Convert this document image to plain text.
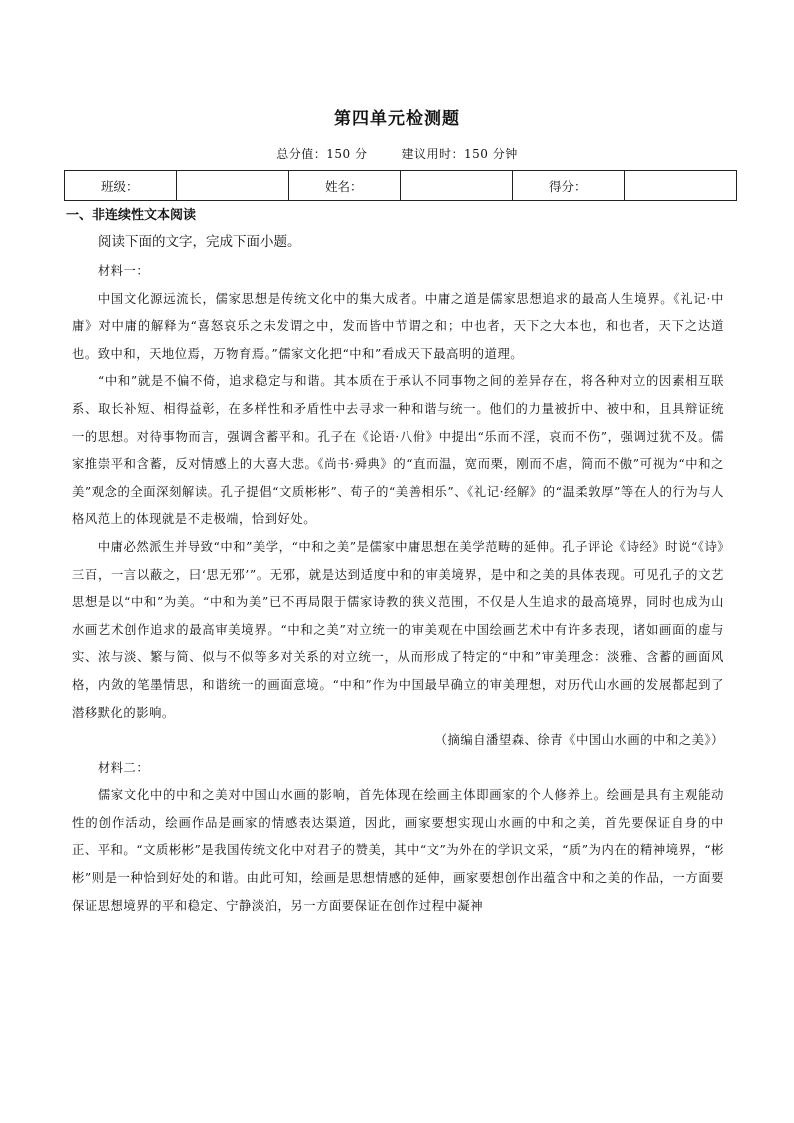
第四单元检测题
总分值：150 分	建议用时：150 分钟
班级：		姓名：		得分：	
一、非连续性文本阅读
阅读下面的文字，完成下面小题。

材料一：

中国文化源远流长，儒家思想是传统文化中的集大成者。中庸之道是儒家思想追求的最高人生境界。《礼记·中庸》对中庸的解释为“喜怒哀乐之未发谓之中，发而皆中节谓之和；中也者，天下之大本也，和也者，天下之达道也。致中和，天地位焉，万物育焉。”儒家文化把“中和”看成天下最高明的道理。

“中和”就是不偏不倚，追求稳定与和谐。其本质在于承认不同事物之间的差异存在，将各种对立的因素相互联系、取长补短、相得益彰，在多样性和矛盾性中去寻求一种和谐与统一。他们的力量被折中、被中和，且具辩证统一的思想。对待事物而言，强调含蓄平和。孔子在《论语·八佾》中提出“乐而不淫，哀而不伤”，强调过犹不及。儒家推崇平和含蓄，反对情感上的大喜大悲。《尚书·舜典》的“直而温，宽而栗，刚而不虐，简而不傲”可视为“中和之美”观念的全面深刻解读。孔子提倡“文质彬彬”、荀子的“美善相乐”、《礼记·经解》的“温柔敦厚”等在人的行为与人格风范上的体现就是不走极端，恰到好处。

中庸必然派生并导致“中和”美学，“中和之美”是儒家中庸思想在美学范畴的延伸。孔子评论《诗经》时说“《诗》三百，一言以蔽之，曰‘思无邪’”。无邪，就是达到适度中和的审美境界，是中和之美的具体表现。可见孔子的文艺思想是以“中和”为美。“中和为美”已不再局限于儒家诗教的狭义范围，不仅是人生追求的最高境界，同时也成为山水画艺术创作追求的最高审美境界。“中和之美”对立统一的审美观在中国绘画艺术中有许多表现，诸如画面的虚与实、浓与淡、繁与简、似与不似等多对关系的对立统一，从而形成了特定的“中和”审美理念：淡雅、含蓄的画面风格，内敛的笔墨情思，和谐统一的画面意境。“中和”作为中国最早确立的审美理想，对历代山水画的发展都起到了潜移默化的影响。

（摘编自潘望森、徐青《中国山水画的中和之美》）

材料二：

儒家文化中的中和之美对中国山水画的影响，首先体现在绘画主体即画家的个人修养上。绘画是具有主观能动性的创作活动，绘画作品是画家的情感表达渠道，因此，画家要想实现山水画的中和之美，首先要保证自身的中正、平和。“文质彬彬”是我国传统文化中对君子的赞美，其中“文”为外在的学识文采，“质”为内在的精神境界，“彬彬”则是一种恰到好处的和谐。由此可知，绘画是思想情感的延伸，画家要想创作出蕴含中和之美的作品，一方面要保证思想境界的平和稳定、宁静淡泊，另一方面要保证在创作过程中凝神
